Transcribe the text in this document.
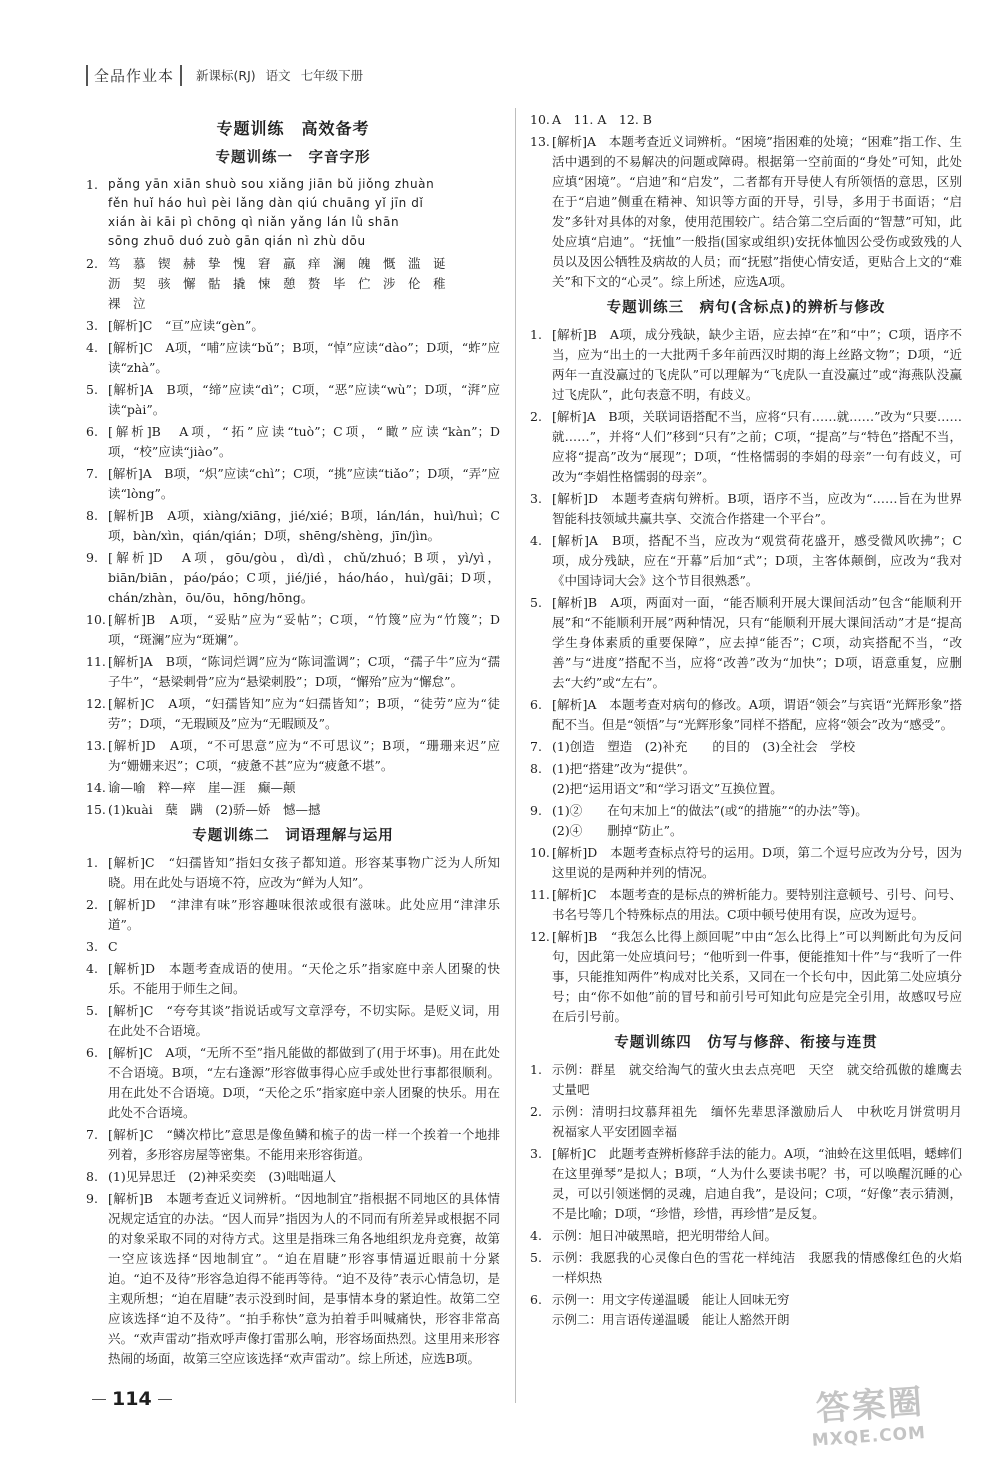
全品作业本	新课标(RJ) 语文 七年级下册
专题训练　高效备考
专题训练一　字音字形
1. pǎng yān xiān shuò sou xiǎng jiān bǔ jiǒng zhuàn
fěn huǐ háo huì pèi lǎng dàn qiú chuāng yǐ jīn dǐ
xián ài kāi pì chōng qì niǎn yǎng lán lǜ shān
sōng zhuō duó zuò gān qián nì zhù dōu
2. 笃　慕　锲　赫　挚　愧　窘　羸　痒　澜　魄　慨　滥　诞
沥　契　骇　懈　骷　撬　悚　憩　赘　毕　伫　涉　伦　稚
裸　泣
3. [解析]C　“亘”应读“gèn”。
4. [解析]C　A项，“哺”应读“bǔ”；B项，“悼”应读“dào”；D项，“蚱”应读“zhà”。
5. [解析]A　B项，“缔”应读“dì”；C项，“恶”应读“wù”；D项，“湃”应读“pài”。
6. [解析]B　A项，“拓”应读“tuò”；C项，“瞰”应读“kàn”；D项，“校”应读“jiào”。
7. [解析]A　B项，“炽”应读“chì”；C项，“挑”应读“tiǎo”；D项，“弄”应读“lòng”。
8. [解析]B　A项，xiàng/xiāng，jié/xié；B项，lán/lán，huì/huì；C项，bàn/xìn，qián/qián；D项，shēng/shèng，jīn/jìn。
9. [解析]D　A项，gōu/gòu，dì/dì，chǔ/zhuó；B项，yì/yì，biān/biān，páo/páo；C项，jié/jié，háo/háo，huì/gāi；D项，chán/zhàn，ōu/ōu，hōng/hōng。
10. [解析]B　A项，“妥贴”应为“妥帖”；C项，“竹篾”应为“竹篾”；D项，“斑澜”应为“斑斓”。
11. [解析]A　B项，“陈词烂调”应为“陈词滥调”；C项，“孺子牛”应为“孺子牛”，“悬梁刺骨”应为“悬梁刺股”；D项，“懈殆”应为“懈怠”。
12. [解析]C　A项，“妇孺皆知”应为“妇孺皆知”；B项，“徒劳”应为“徒劳”；D项，“无瑕顾及”应为“无暇顾及”。
13. [解析]D　A项，“不可思意”应为“不可思议”；B项，“珊珊来迟”应为“姗姗来迟”；C项，“疲惫不甚”应为“疲惫不堪”。
14. 谕—喻　粹—瘁　崖—涯　癫—颠
15. (1)kuài　蘖　蹒　(2)骄—娇　憾—撼
专题训练二　词语理解与运用
1. [解析]C　“妇孺皆知”指妇女孩子都知道。形容某事物广泛为人所知晓。用在此处与语境不符，应改为“鲜为人知”。
2. [解析]D　“津津有味”形容趣味很浓或很有滋味。此处应用“津津乐道”。
3. C
4. [解析]D　本题考查成语的使用。“天伦之乐”指家庭中亲人团聚的快乐。不能用于师生之间。
5. [解析]C　“夸夸其谈”指说话或写文章浮夸，不切实际。是贬义词，用在此处不合语境。
6. [解析]C　A项，“无所不至”指凡能做的都做到了(用于坏事)。用在此处不合语境。B项，“左右逢源”形容做事得心应手或处世行事都很顺利。用在此处不合语境。D项，“天伦之乐”指家庭中亲人团聚的快乐。用在此处不合语境。
7. [解析]C　“鳞次栉比”意思是像鱼鳞和梳子的齿一样一个挨着一个地排列着，多形容房屋等密集。不能用来形容街道。
8. (1)见异思迁　(2)神采奕奕　(3)咄咄逼人
9. [解析]B　本题考查近义词辨析。“因地制宜”指根据不同地区的具体情况规定适宜的办法。“因人而异”指因为人的不同而有所差异或根据不同的对象采取不同的对待方式。这里是指珠三角各地组织龙舟竞赛，故第一空应该选择“因地制宜”。“迫在眉睫”形容事情逼近眼前十分紧迫。“迫不及待”形容急迫得不能再等待。“迫不及待”表示心情急切，是主观所想；“迫在眉睫”表示没到时间，是事情本身的紧迫性。故第二空应该选择“迫不及待”。“拍手称快”意为拍着手叫喊痛快，形容非常高兴。“欢声雷动”指欢呼声像打雷那么响，形容场面热烈。这里用来形容热闹的场面，故第三空应该选择“欢声雷动”。综上所述，应选B项。
10. A　11. A　12. B
13. [解析]A　本题考查近义词辨析。“困境”指困难的处境；“困难”指工作、生活中遇到的不易解决的问题或障碍。根据第一空前面的“身处”可知，此处应填“困境”。“启迪”和“启发”，二者都有开导使人有所领悟的意思，区别在于“启迪”侧重在精神、知识等方面的开导，引导，多用于书面语；“启发”多针对具体的对象，使用范围较广。结合第二空后面的“智慧”可知，此处应填“启迪”。“抚恤”一般指(国家或组织)安抚体恤因公受伤或致残的人员以及因公牺牲及病故的人员；而“抚慰”指使心情安适，更贴合上文的“难关”和下文的“心灵”。综上所述，应选A项。
专题训练三　病句(含标点)的辨析与修改
1. [解析]B　A项，成分残缺，缺少主语，应去掉“在”和“中”；C项，语序不当，应为“出土的一大批两千多年前西汉时期的海上丝路文物”；D项，“近两年一直没赢过的飞虎队”可以理解为“飞虎队一直没赢过”或“海燕队没赢过飞虎队”，此句表意不明，有歧义。
2. [解析]A　B项，关联词语搭配不当，应将“只有……就……”改为“只要……就……”，并将“人们”移到“只有”之前；C项，“提高”与“特色”搭配不当，应将“提高”改为“展现”；D项，“性格懦弱的李娟的母亲”一句有歧义，可改为“李娟性格懦弱的母亲”。
3. [解析]D　本题考查病句辨析。B项，语序不当，应改为“……旨在为世界智能科技领域共赢共享、交流合作搭建一个平台”。
4. [解析]A　B项，搭配不当，应改为“观赏荷花盛开，感受微风吹拂”；C项，成分残缺，应在“开幕”后加“式”；D项，主客体颠倒，应改为“我对《中国诗词大会》这个节目很熟悉”。
5. [解析]B　A项，两面对一面，“能否顺利开展大课间活动”包含“能顺利开展”和“不能顺利开展”两种情况，只有“能顺利开展大课间活动”才是“提高学生身体素质的重要保障”，应去掉“能否”；C项，动宾搭配不当，“改善”与“进度”搭配不当，应将“改善”改为“加快”；D项，语意重复，应删去“大约”或“左右”。
6. [解析]A　本题考查对病句的修改。A项，谓语“领会”与宾语“光辉形象”搭配不当。但是“领悟”与“光辉形象”同样不搭配，应将“领会”改为“感受”。
7. (1)创造　塑造　(2)补充　　的目的　(3)全社会　学校
8. (1)把“搭建”改为“提供”。
(2)把“运用语文”和“学习语文”互换位置。
9. (1)②　　在句末加上“的做法”(或“的措施”“的办法”等)。
(2)④　　删掉“防止”。
10. [解析]D　本题考查标点符号的运用。D项，第二个逗号应改为分号，因为这里说的是两种并列的情况。
11. [解析]C　本题考查的是标点的辨析能力。要特别注意顿号、引号、问号、书名号等几个特殊标点的用法。C项中顿号使用有误，应改为逗号。
12. [解析]B　“我怎么比得上颜回呢”中由“怎么比得上”可以判断此句为反问句，因此第一处应填问号；“他听到一件事，便能推知十件”与“我听了一件事，只能推知两件”构成对比关系，又同在一个长句中，因此第二处应填分号；由“你不如他”前的冒号和前引号可知此句应是完全引用，故感叹号应在后引号前。
专题训练四　仿写与修辞、衔接与连贯
1. 示例：群星　就交给淘气的萤火虫去点亮吧　天空　就交给孤傲的雄鹰去丈量吧
2. 示例：清明扫坟慕拜祖先　缅怀先辈思泽激励后人　中秋吃月饼赏明月　祝福家人平安团圆幸福
3. [解析]C　此题考查辨析修辞手法的能力。A项，“油蛉在这里低唱，蟋蟀们在这里弹琴”是拟人；B项，“人为什么要读书呢？书，可以唤醒沉睡的心灵，可以引领迷惘的灵魂，启迪自我”，是设问；C项，“好像”表示猜测，不是比喻；D项，“珍惜，珍惜，再珍惜”是反复。
4. 示例：旭日冲破黑暗，把光明带给人间。
5. 示例：我愿我的心灵像白色的雪花一样纯洁　我愿我的情感像红色的火焰一样炽热
6. 示例一：用文字传递温暖　能让人回味无穷
示例二：用言语传递温暖　能让人豁然开朗
114	答案圈
MXQE.COM
